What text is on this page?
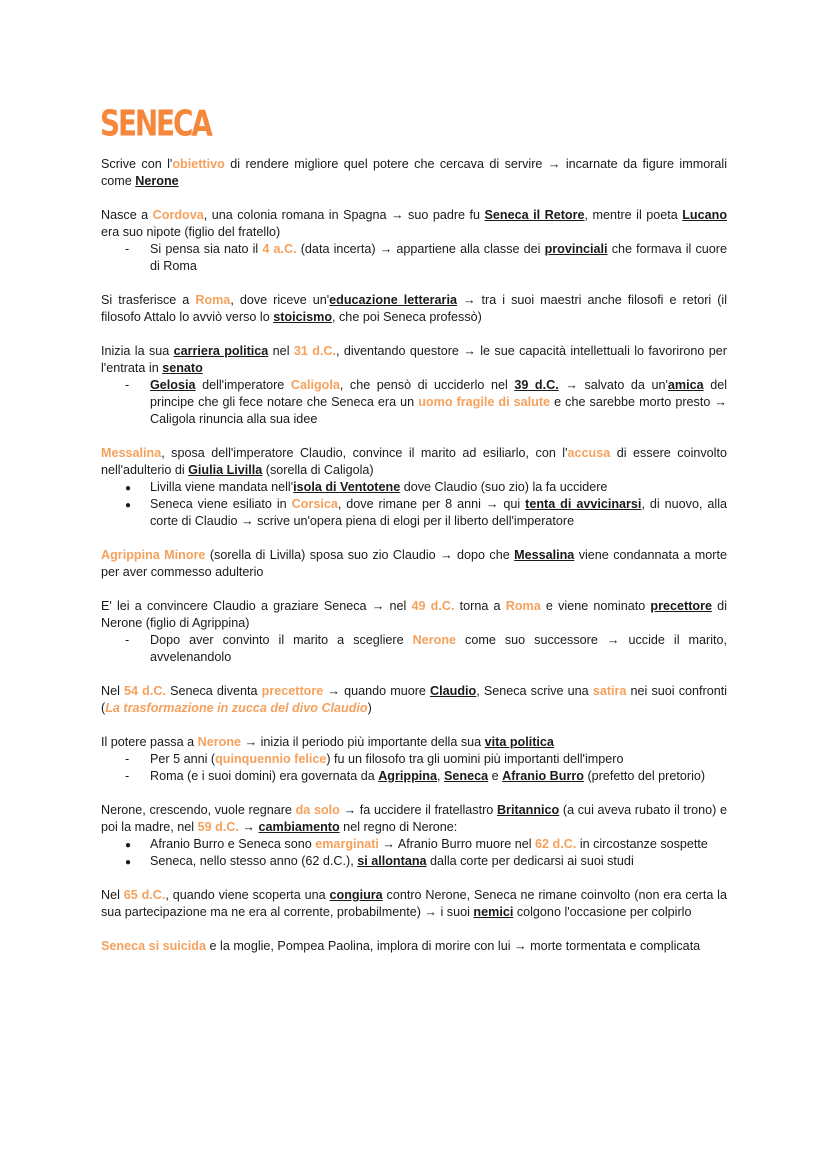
SENECA

Scrive con l'obiettivo di rendere migliore quel potere che cercava di servire → incarnate da figure immorali come Nerone

Nasce a Cordova, una colonia romana in Spagna → suo padre fu Seneca il Retore, mentre il poeta Lucano era suo nipote (figlio del fratello)

-
Si pensa sia nato il 4 a.C. (data incerta) → appartiene alla classe dei provinciali che formava il cuore di Roma

Si trasferisce a Roma, dove riceve un'educazione letteraria → tra i suoi maestri anche filosofi e retori (il filosofo Attalo lo avviò verso lo stoicismo, che poi Seneca professò)

Inizia la sua carriera politica nel 31 d.C., diventando questore → le sue capacità intellettuali lo favorirono per l'entrata in senato

-
Gelosia dell'imperatore Caligola, che pensò di ucciderlo nel 39 d.C. → salvato da un'amica del principe che gli fece notare che Seneca era un uomo fragile di salute e che sarebbe morto presto → Caligola rinuncia alla sua idee

Messalina, sposa dell'imperatore Claudio, convince il marito ad esiliarlo, con l'accusa di essere coinvolto nell'adulterio di Giulia Livilla (sorella di Caligola)

●
Livilla viene mandata nell'isola di Ventotene dove Claudio (suo zio) la fa uccidere
●
Seneca viene esiliato in Corsica, dove rimane per 8 anni → qui tenta di avvicinarsi, di nuovo, alla corte di Claudio → scrive un'opera piena di elogi per il liberto dell'imperatore

Agrippina Minore (sorella di Livilla) sposa suo zio Claudio → dopo che Messalina viene condannata a morte per aver commesso adulterio

E' lei a convincere Claudio a graziare Seneca → nel 49 d.C. torna a Roma e viene nominato precettore di Nerone (figlio di Agrippina)

-
Dopo aver convinto il marito a scegliere Nerone come suo successore → uccide il marito, avvelenandolo

Nel 54 d.C. Seneca diventa precettore → quando muore Claudio, Seneca scrive una satira nei suoi confronti (La trasformazione in zucca del divo Claudio)

Il potere passa a Nerone → inizia il periodo più importante della sua vita politica

-
Per 5 anni (quinquennio felice) fu un filosofo tra gli uomini più importanti dell'impero
-
Roma (e i suoi domini) era governata da Agrippina, Seneca e Afranio Burro (prefetto del pretorio)

Nerone, crescendo, vuole regnare da solo → fa uccidere il fratellastro Britannico (a cui aveva rubato il trono) e poi la madre, nel 59 d.C. → cambiamento nel regno di Nerone:

●
Afranio Burro e Seneca sono emarginati → Afranio Burro muore nel 62 d.C. in circostanze sospette
●
Seneca, nello stesso anno (62 d.C.), si allontana dalla corte per dedicarsi ai suoi studi

Nel 65 d.C., quando viene scoperta una congiura contro Nerone, Seneca ne rimane coinvolto (non era certa la sua partecipazione ma ne era al corrente, probabilmente) → i suoi nemici colgono l'occasione per colpirlo

Seneca si suicida e la moglie, Pompea Paolina, implora di morire con lui → morte tormentata e complicata
